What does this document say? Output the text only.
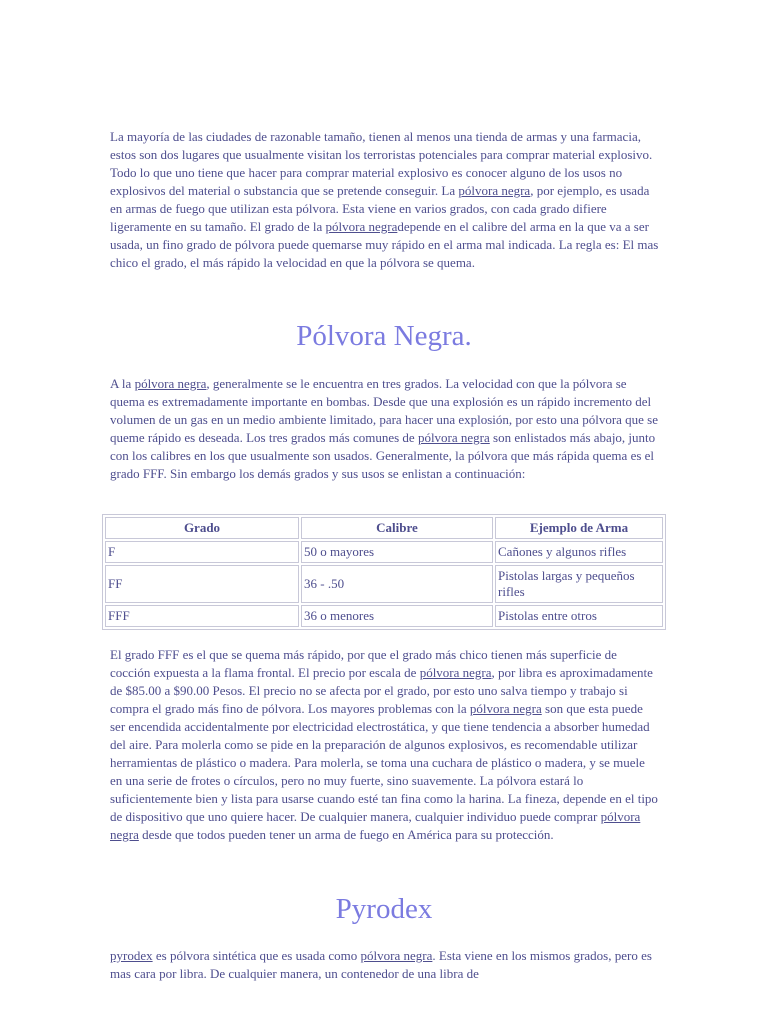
La mayoría de las ciudades de razonable tamaño, tienen al menos una tienda de armas y una farmacia, estos son dos lugares que usualmente visitan los terroristas potenciales para comprar material explosivo. Todo lo que uno tiene que hacer para comprar material explosivo es conocer alguno de los usos no explosivos del material o substancia que se pretende conseguir. La pólvora negra, por ejemplo, es usada en armas de fuego que utilizan esta pólvora. Esta viene en varios grados, con cada grado difiere ligeramente en su tamaño. El grado de la pólvora negradepende en el calibre del arma en la que va a ser usada, un fino grado de pólvora puede quemarse muy rápido en el arma mal indicada. La regla es: El mas chico el grado, el más rápido la velocidad en que la pólvora se quema.
Pólvora Negra.
A la pólvora negra, generalmente se le encuentra en tres grados. La velocidad con que la pólvora se quema es extremadamente importante en bombas. Desde que una explosión es un rápido incremento del volumen de un gas en un medio ambiente limitado, para hacer una explosión, por esto una pólvora que se queme rápido es deseada. Los tres grados más comunes de pólvora negra son enlistados más abajo, junto con los calibres en los que usualmente son usados. Generalmente, la pólvora que más rápida quema es el grado FFF. Sin embargo los demás grados y sus usos se enlistan a continuación:
Grado	Calibre	Ejemplo de Arma
F	50 o mayores	Cañones y algunos rifles
FF	36 - .50	Pistolas largas y pequeños rifles
FFF	36 o menores	Pistolas entre otros
El grado FFF es el que se quema más rápido, por que el grado más chico tienen más superficie de cocción expuesta a la flama frontal. El precio por escala de pólvora negra, por libra es aproximadamente de $85.00 a $90.00 Pesos. El precio no se afecta por el grado, por esto uno salva tiempo y trabajo si compra el grado más fino de pólvora. Los mayores problemas con la pólvora negra son que esta puede ser encendida accidentalmente por electricidad electrostática, y que tiene tendencia a absorber humedad del aire. Para molerla como se pide en la preparación de algunos explosivos, es recomendable utilizar herramientas de plástico o madera. Para molerla, se toma una cuchara de plástico o madera, y se muele en una serie de frotes o círculos, pero no muy fuerte, sino suavemente. La pólvora estará lo suficientemente bien y lista para usarse cuando esté tan fina como la harina. La fineza, depende en el tipo de dispositivo que uno quiere hacer. De cualquier manera, cualquier individuo puede comprar pólvora negra desde que todos pueden tener un arma de fuego en América para su protección.
Pyrodex
pyrodex es pólvora sintética que es usada como pólvora negra. Esta viene en los mismos grados, pero es mas cara por libra. De cualquier manera, un contenedor de una libra de
